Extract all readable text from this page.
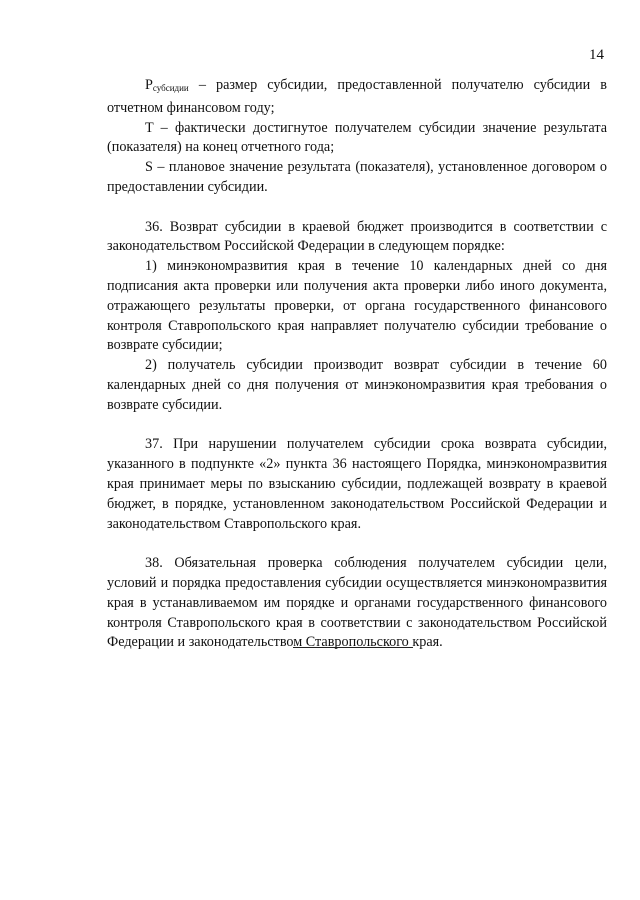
14

$P_{субсидии}$ – размер субсидии, предоставленной получателю субсидии в отчетном финансовом году;

T – фактически достигнутое получателем субсидии значение результата (показателя) на конец отчетного года;

S – плановое значение результата (показателя), установленное договором о предоставлении субсидии.

36. Возврат субсидии в краевой бюджет производится в соответствии с законодательством Российской Федерации в следующем порядке:

1) минэкономразвития края в течение 10 календарных дней со дня подписания акта проверки или получения акта проверки либо иного документа, отражающего результаты проверки, от органа государственного финансового контроля Ставропольского края направляет получателю субсидии требование о возврате субсидии;

2) получатель субсидии производит возврат субсидии в течение 60 календарных дней со дня получения от минэкономразвития края требования о возврате субсидии.

37. При нарушении получателем субсидии срока возврата субсидии, указанного в подпункте «2» пункта 36 настоящего Порядка, минэкономразвития края принимает меры по взысканию субсидии, подлежащей возврату в краевой бюджет, в порядке, установленном законодательством Российской Федерации и законодательством Ставропольского края.

38. Обязательная проверка соблюдения получателем субсидии цели, условий и порядка предоставления субсидии осуществляется минэкономразвития края в устанавливаемом им порядке и органами государственного финансового контроля Ставропольского края в соответствии с законодательством Российской Федерации и законодательством Ставропольского края.
